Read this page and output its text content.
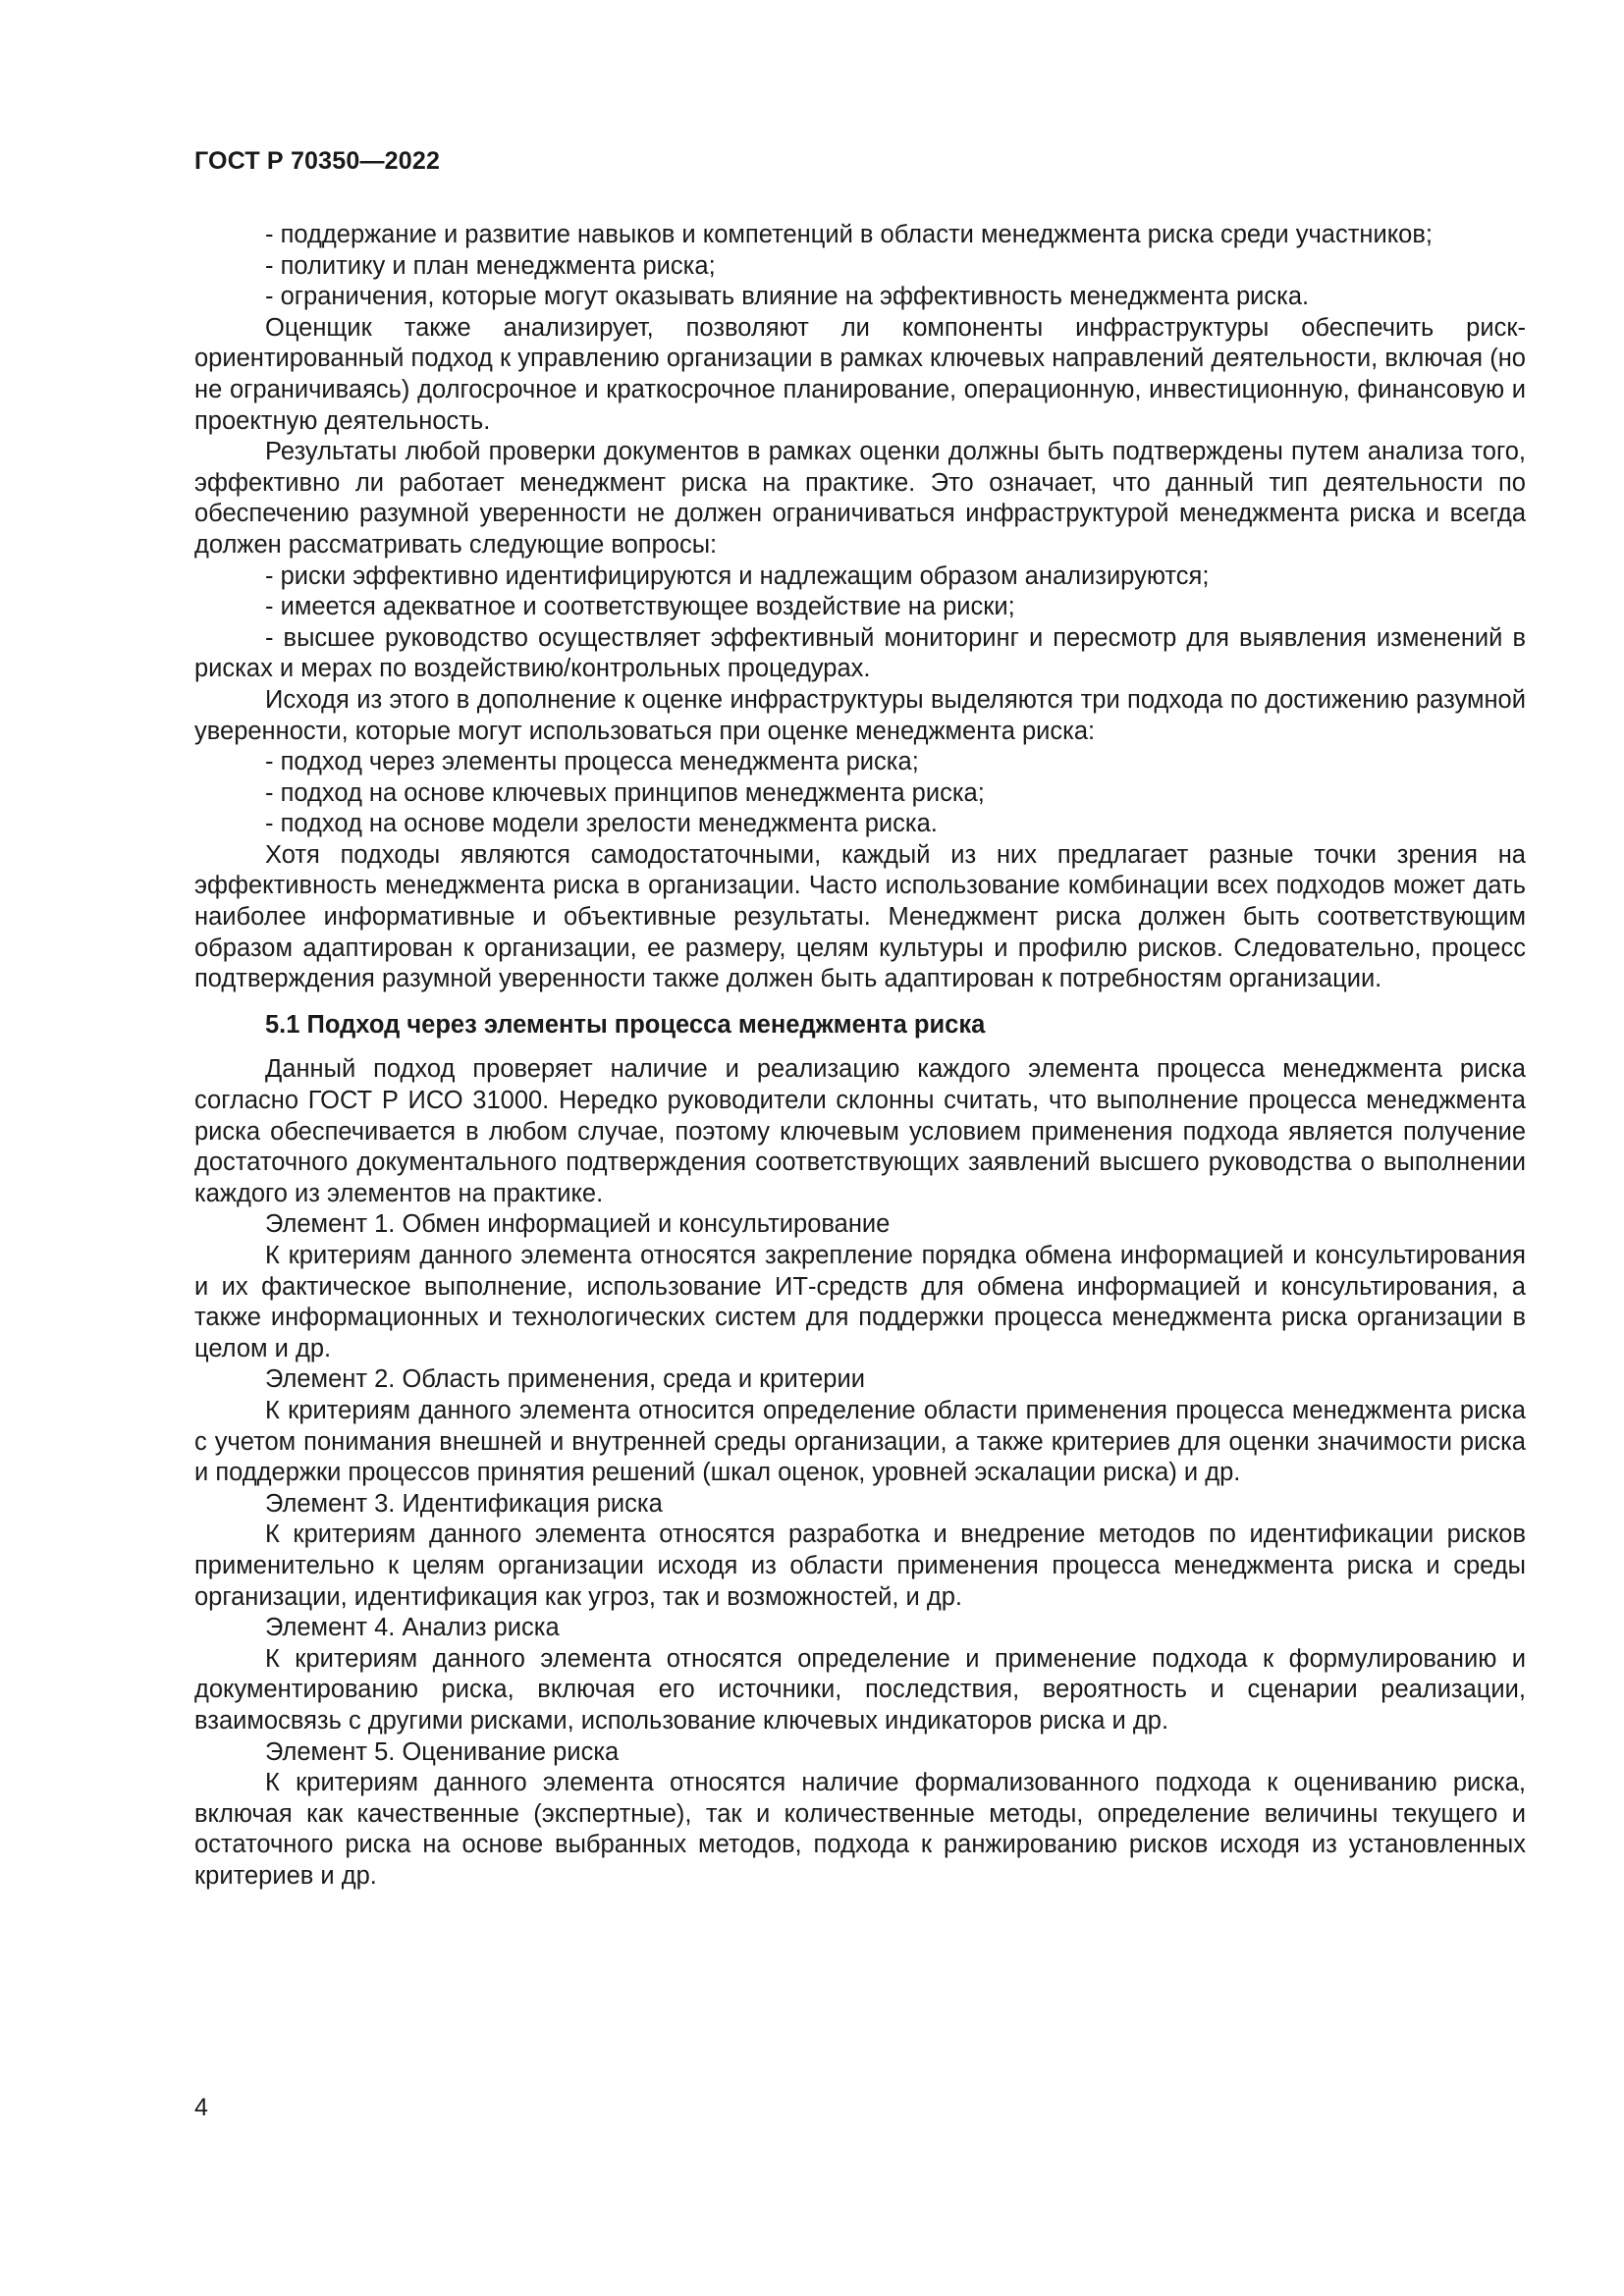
ГОСТ Р 70350—2022

- поддержание и развитие навыков и компетенций в области менеджмента риска среди участников;

- политику и план менеджмента риска;

- ограничения, которые могут оказывать влияние на эффективность менеджмента риска.

Оценщик также анализирует, позволяют ли компоненты инфраструктуры обеспечить риск-ориентированный подход к управлению организации в рамках ключевых направлений деятельности, включая (но не ограничиваясь) долгосрочное и краткосрочное планирование, операционную, инвестиционную, финансовую и проектную деятельность.

Результаты любой проверки документов в рамках оценки должны быть подтверждены путем анализа того, эффективно ли работает менеджмент риска на практике. Это означает, что данный тип деятельности по обеспечению разумной уверенности не должен ограничиваться инфраструктурой менеджмента риска и всегда должен рассматривать следующие вопросы:

- риски эффективно идентифицируются и надлежащим образом анализируются;

- имеется адекватное и соответствующее воздействие на риски;

- высшее руководство осуществляет эффективный мониторинг и пересмотр для выявления изменений в рисках и мерах по воздействию/контрольных процедурах.

Исходя из этого в дополнение к оценке инфраструктуры выделяются три подхода по достижению разумной уверенности, которые могут использоваться при оценке менеджмента риска:

- подход через элементы процесса менеджмента риска;

- подход на основе ключевых принципов менеджмента риска;

- подход на основе модели зрелости менеджмента риска.

Хотя подходы являются самодостаточными, каждый из них предлагает разные точки зрения на эффективность менеджмента риска в организации. Часто использование комбинации всех подходов может дать наиболее информативные и объективные результаты. Менеджмент риска должен быть соответствующим образом адаптирован к организации, ее размеру, целям культуры и профилю рисков. Следовательно, процесс подтверждения разумной уверенности также должен быть адаптирован к потребностям организации.

5.1 Подход через элементы процесса менеджмента риска

Данный подход проверяет наличие и реализацию каждого элемента процесса менеджмента риска согласно ГОСТ Р ИСО 31000. Нередко руководители склонны считать, что выполнение процесса менеджмента риска обеспечивается в любом случае, поэтому ключевым условием применения подхода является получение достаточного документального подтверждения соответствующих заявлений высшего руководства о выполнении каждого из элементов на практике.

Элемент 1. Обмен информацией и консультирование

К критериям данного элемента относятся закрепление порядка обмена информацией и консультирования и их фактическое выполнение, использование ИТ-средств для обмена информацией и консультирования, а также информационных и технологических систем для поддержки процесса менеджмента риска организации в целом и др.

Элемент 2. Область применения, среда и критерии

К критериям данного элемента относится определение области применения процесса менеджмента риска с учетом понимания внешней и внутренней среды организации, а также критериев для оценки значимости риска и поддержки процессов принятия решений (шкал оценок, уровней эскалации риска) и др.

Элемент 3. Идентификация риска

К критериям данного элемента относятся разработка и внедрение методов по идентификации рисков применительно к целям организации исходя из области применения процесса менеджмента риска и среды организации, идентификация как угроз, так и возможностей, и др.

Элемент 4. Анализ риска

К критериям данного элемента относятся определение и применение подхода к формулированию и документированию риска, включая его источники, последствия, вероятность и сценарии реализации, взаимосвязь с другими рисками, использование ключевых индикаторов риска и др.

Элемент 5. Оценивание риска

К критериям данного элемента относятся наличие формализованного подхода к оцениванию риска, включая как качественные (экспертные), так и количественные методы, определение величины текущего и остаточного риска на основе выбранных методов, подхода к ранжированию рисков исходя из установленных критериев и др.

4
